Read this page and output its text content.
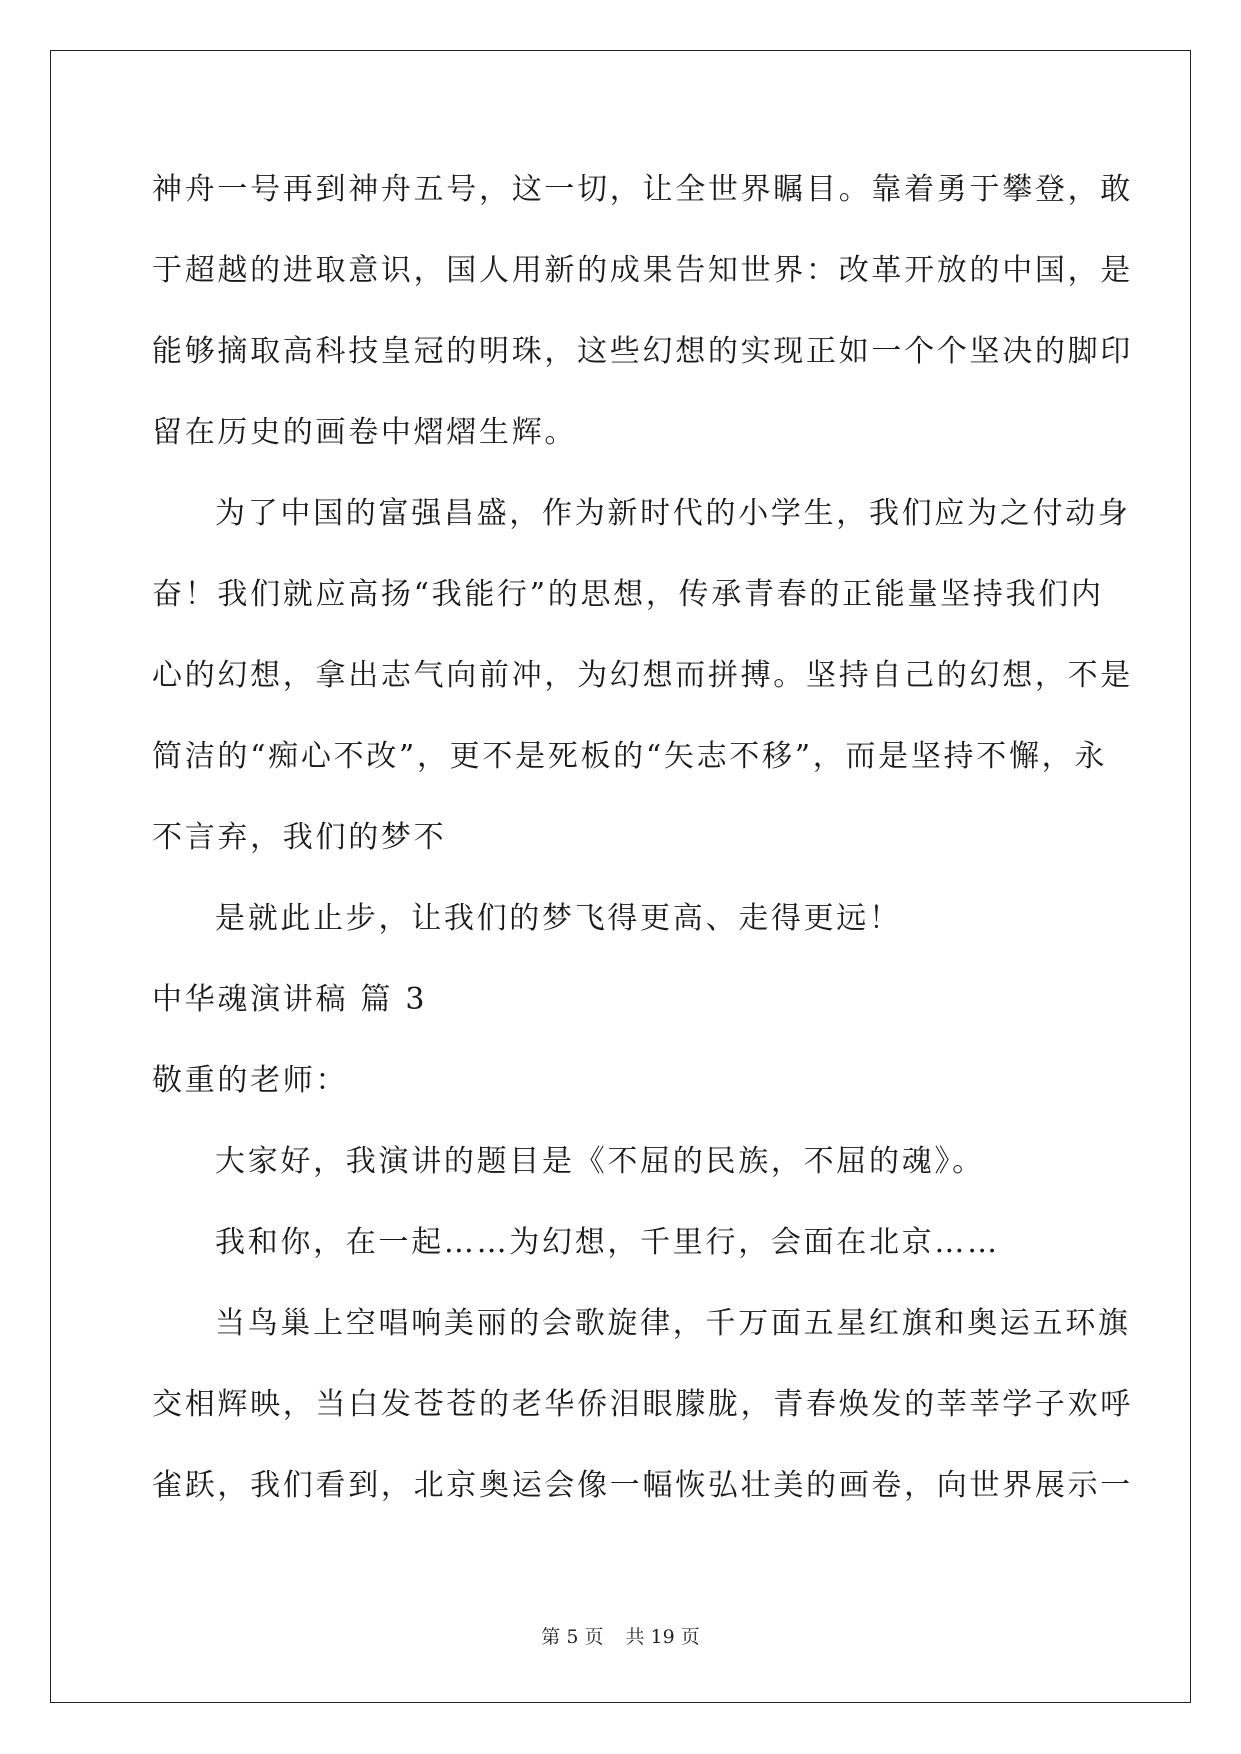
神舟一号再到神舟五号，这一切，让全世界瞩目。靠着勇于攀登，敢
于超越的进取意识，国人用新的成果告知世界：改革开放的中国，是
能够摘取高科技皇冠的明珠，这些幻想的实现正如一个个坚决的脚印
留在历史的画卷中熠熠生辉。
为了中国的富强昌盛，作为新时代的小学生，我们应为之付动身
奋！我们就应高扬“我能行”的思想，传承青春的正能量坚持我们内
心的幻想，拿出志气向前冲，为幻想而拼搏。坚持自己的幻想，不是
简洁的“痴心不改”，更不是死板的“矢志不移”，而是坚持不懈，永
不言弃，我们的梦不
是就此止步，让我们的梦飞得更高、走得更远！
中华魂演讲稿 篇 3
敬重的老师：
大家好，我演讲的题目是《不屈的民族，不屈的魂》。
我和你，在一起……为幻想，千里行，会面在北京……
当鸟巢上空唱响美丽的会歌旋律，千万面五星红旗和奥运五环旗
交相辉映，当白发苍苍的老华侨泪眼朦胧，青春焕发的莘莘学子欢呼
雀跃，我们看到，北京奥运会像一幅恢弘壮美的画卷，向世界展示一
第 5 页 共 19 页
